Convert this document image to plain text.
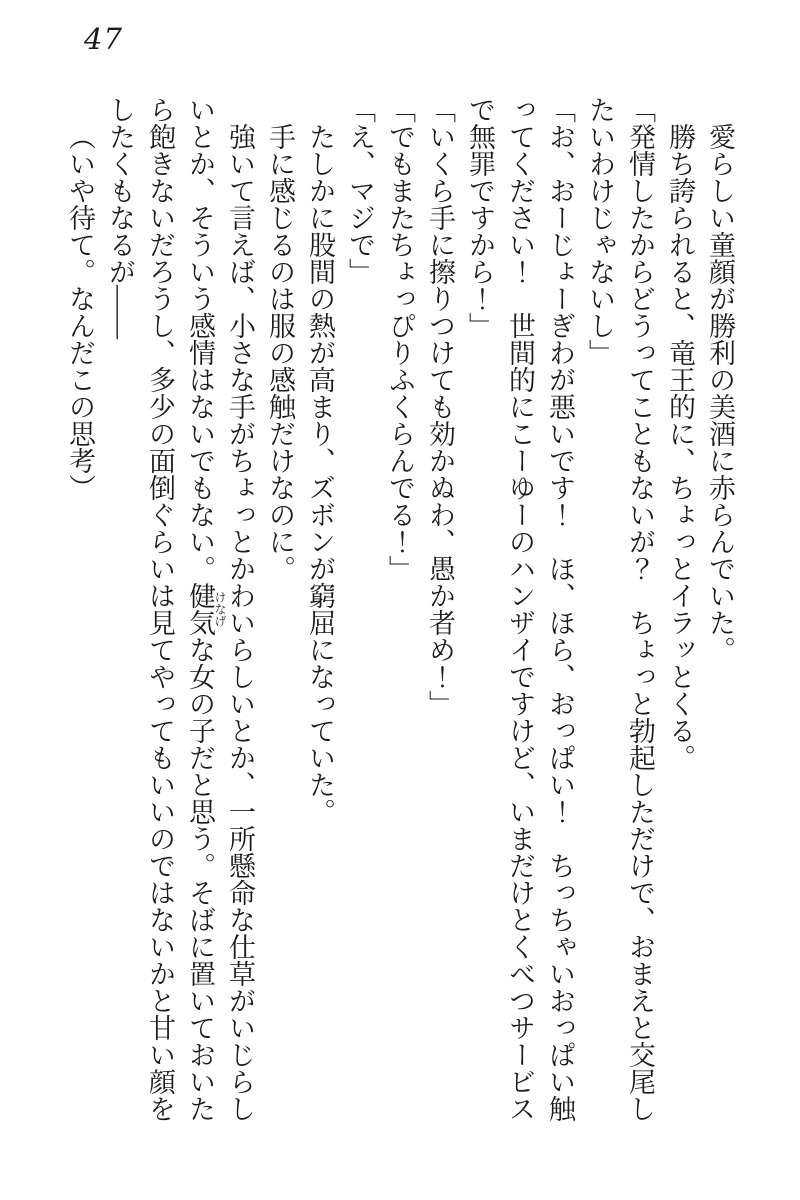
47

愛らしい童顔が勝利の美酒に赤らんでいた。

勝ち誇られると、竜王的に、ちょっとイラッとくる。

「発情したからどうってこともないが？　ちょっと勃起しただけで、おまえと交尾したいわけじゃないし」

「お、おーじょーぎわが悪いです！　ほ、ほら、おっぱい！　ちっちゃいおっぱい触ってください！　世間的にこーゆーのハンザイですけど、いまだけとくべつサービスで無罪ですから！」

「いくら手に擦りつけても効かぬわ、愚か者め！」

「でもまたちょっぴりふくらんでる！」

「え、マジで」

たしかに股間の熱が高まり、ズボンが窮屈になっていた。

手に感じるのは服の感触だけなのに。

強いて言えば、小さな手がちょっとかわいらしいとか、一所懸命な仕草がいじらしいとか、そういう感情はないでもない。健気けなげな女の子だと思う。そばに置いておいたら飽きないだろうし、多少の面倒ぐらいは見てやってもいいのではないかと甘い顔をしたくもなるが――

（いや待て。なんだこの思考）
